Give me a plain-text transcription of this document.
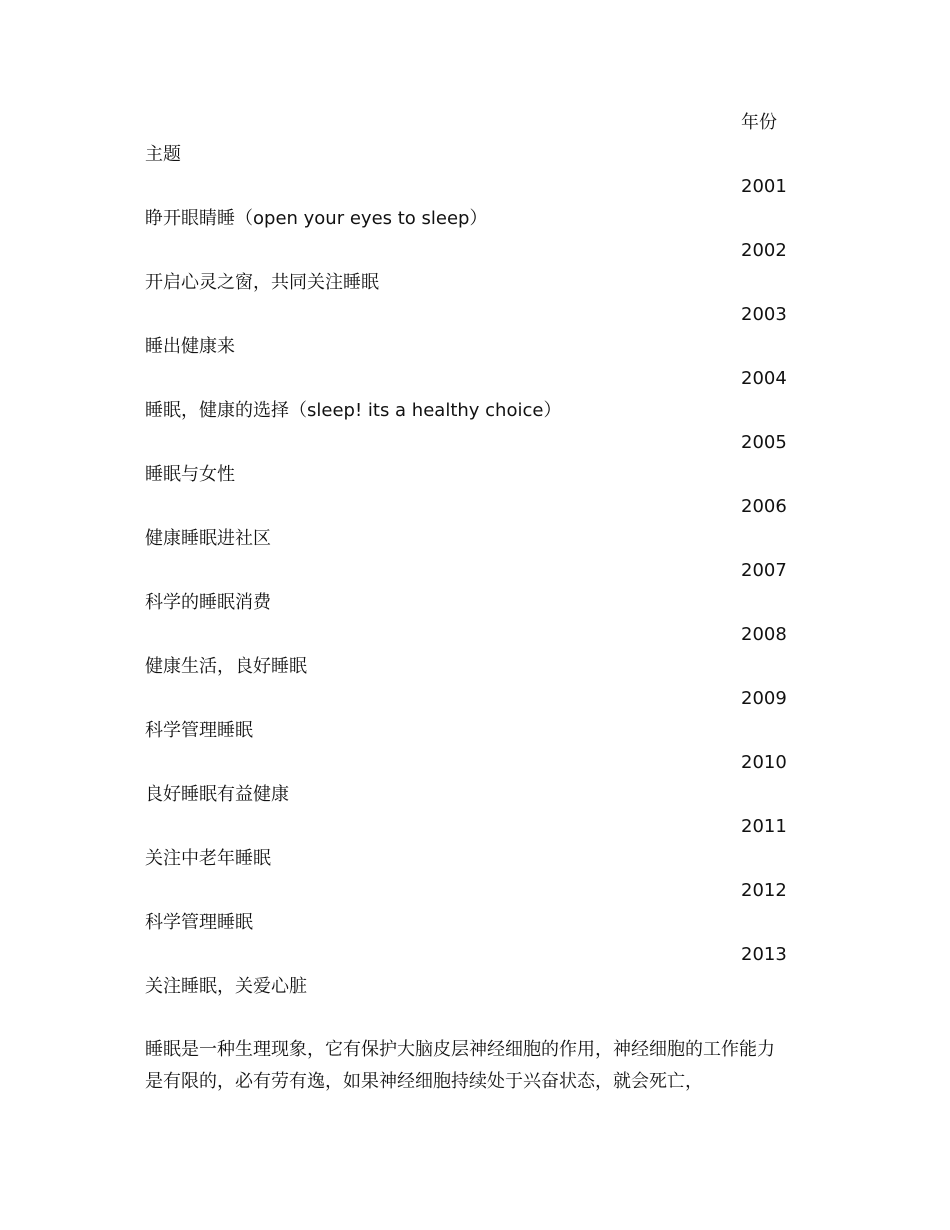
年份
主题
2001
睁开眼睛睡（open your eyes to sleep）
2002
开启心灵之窗，共同关注睡眠
2003
睡出健康来
2004
睡眠，健康的选择（sleep! its a healthy choice）
2005
睡眠与女性
2006
健康睡眠进社区
2007
科学的睡眠消费
2008
健康生活，良好睡眠
2009
科学管理睡眠
2010
良好睡眠有益健康
2011
关注中老年睡眠
2012
科学管理睡眠
2013
关注睡眠，关爱心脏
睡眠是一种生理现象，它有保护大脑皮层神经细胞的作用，神经细胞的工作能力
是有限的，必有劳有逸，如果神经细胞持续处于兴奋状态，就会死亡，
